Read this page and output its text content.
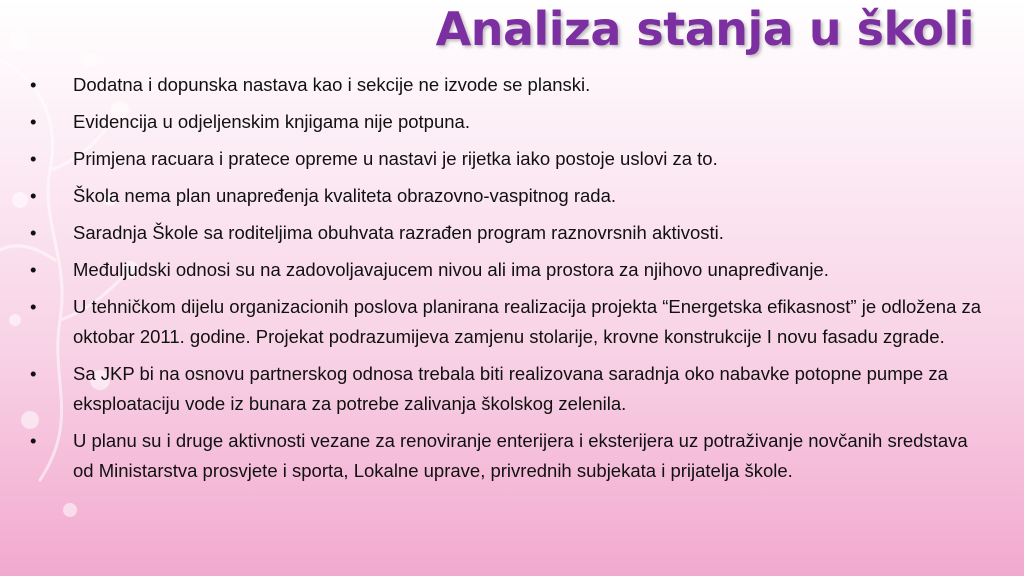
Analiza stanja u školi
• Dodatna i dopunska nastava kao i sekcije ne izvode se planski.
• Evidencija u odjeljenskim knjigama nije potpuna.
• Primjena racuara i pratece opreme u nastavi je rijetka iako postoje uslovi za to.
• Škola nema plan unapređenja kvaliteta obrazovno-vaspitnog rada.
• Saradnja Škole sa roditeljima obuhvata razrađen program raznovrsnih aktivosti.
• Međuljudski odnosi su na zadovoljavajucem nivou ali ima prostora za njihovo unapređivanje.
• U tehničkom dijelu organizacionih poslova planirana realizacija projekta “Energetska efikasnost” je odložena za oktobar 2011. godine. Projekat podrazumijeva zamjenu stolarije, krovne konstrukcije I novu fasadu zgrade.
• Sa JKP bi na osnovu partnerskog odnosa trebala biti realizovana saradnja oko nabavke potopne pumpe za eksploataciju vode iz bunara za potrebe zalivanja školskog zelenila.
• U planu su i druge aktivnosti vezane za renoviranje enterijera i eksterijera uz potraživanje novčanih sredstava od Ministarstva prosvjete i sporta, Lokalne uprave, privrednih subjekata i prijatelja škole.
